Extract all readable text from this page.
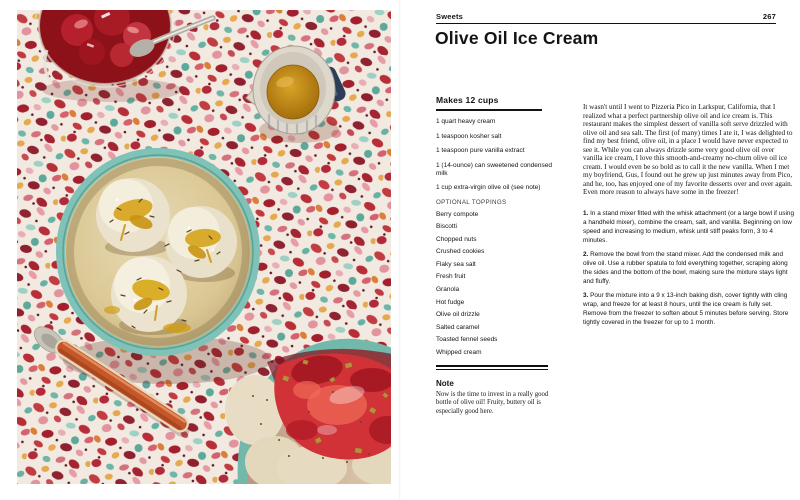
Sweets	267
Olive Oil Ice Cream
Makes 12 cups
1 quart heavy cream
1 teaspoon kosher salt
1 teaspoon pure vanilla extract
1 (14-ounce) can sweetened condensed milk
1 cup extra-virgin olive oil (see note)
OPTIONAL TOPPINGS
Berry compote
Biscotti
Chopped nuts
Crushed cookies
Flaky sea salt
Fresh fruit
Granola
Hot fudge
Olive oil drizzle
Salted caramel
Toasted fennel seeds
Whipped cream
Note
Now is the time to invest in a really good bottle of olive oil! Fruity, buttery oil is especially good here.

It wasn't until I went to Pizzeria Pico in Larkspur, California, that I realized what a perfect partnership olive oil and ice cream is. This restaurant makes the simplest dessert of vanilla soft serve drizzled with olive oil and sea salt. The first (of many) times I ate it, I was delighted to find my best friend, olive oil, in a place I would have never expected to see it. While you can always drizzle some very good olive oil over vanilla ice cream, I love this smooth-and-creamy no-churn olive oil ice cream. I would even be so bold as to call it the new vanilla. When I met my boyfriend, Gus, I found out he grew up just minutes away from Pico, and he, too, has enjoyed one of my favorite desserts over and over again. Even more reason to always have some in the freezer!

1. In a stand mixer fitted with the whisk attachment (or a large bowl if using a handheld mixer), combine the cream, salt, and vanilla. Beginning on low speed and increasing to medium, whisk until stiff peaks form, 3 to 4 minutes.

2. Remove the bowl from the stand mixer. Add the condensed milk and olive oil. Use a rubber spatula to fold everything together, scraping along the sides and the bottom of the bowl, making sure the mixture stays light and fluffy.

3. Pour the mixture into a 9 x 13-inch baking dish, cover tightly with cling wrap, and freeze for at least 8 hours, until the ice cream is fully set. Remove from the freezer to soften about 5 minutes before serving. Store tightly covered in the freezer for up to 1 month.
